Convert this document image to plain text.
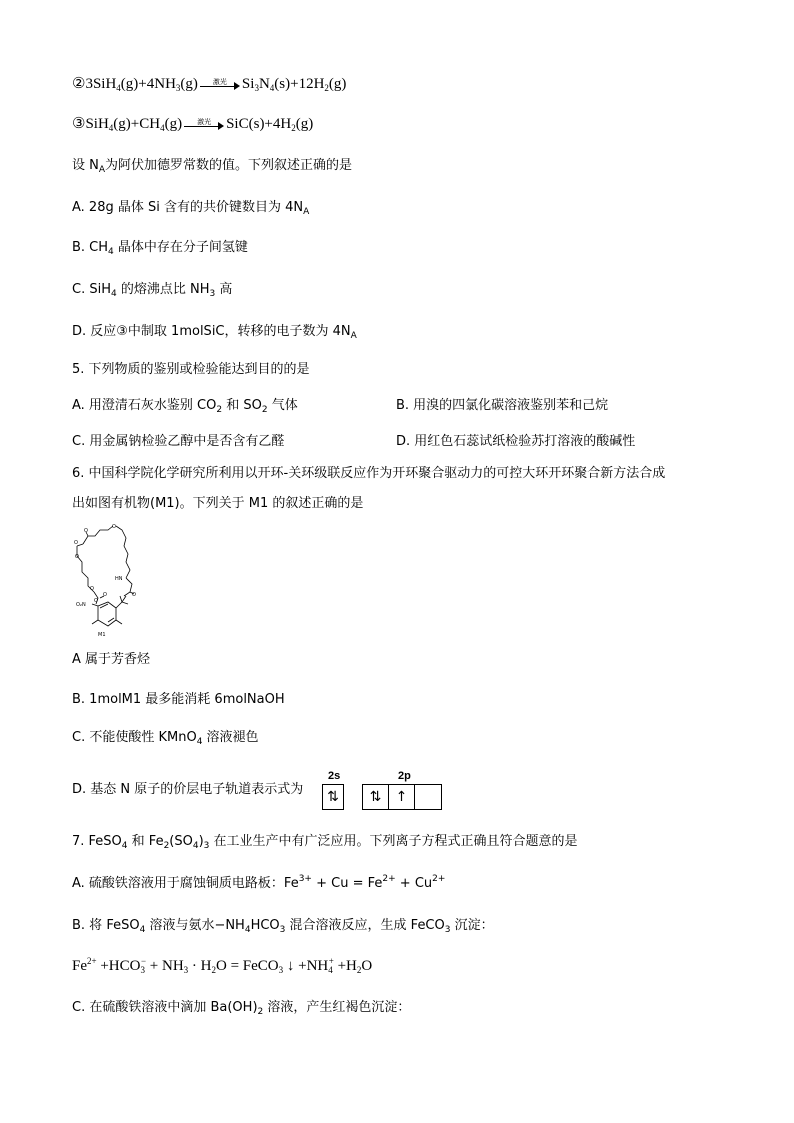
$②3SiH_4(g)+4NH_3(g)$	激光	$Si_3N_4(s)+12H_2(g)$
$③SiH_4(g)+CH_4(g)$	激光	$SiC(s)+4H_2(g)$
设 $N_A$为阿伏加德罗常数的值。下列叙述正确的是
A. 28g 晶体 Si 含有的共价键数目为 $4N_A$
B. $CH_4$ 晶体中存在分子间氢键
C. SiH$_4$ 的熔沸点比 $NH_3$ 高
D. 反应③中制取 1molSiC，转移的电子数为 $4N_A$
5. 下列物质的鉴别或检验能达到目的的是
A. 用澄清石灰水鉴别 $CO_2$ 和 $SO_2$ 气体	B. 用溴的四氯化碳溶液鉴别苯和己烷
C. 用金属钠检验乙醇中是否含有乙醛	D. 用红色石蕊试纸检验苏打溶液的酸碱性
6. 中国科学院化学研究所利用以开环-关环级联反应作为开环聚合驱动力的可控大环开环聚合新方法合成
出如图有机物(M1)。下列关于 M1 的叙述正确的是
O
O
O
O
O
O
O
HN
O
O₂N
M1
A 属于芳香烃
B. 1molM1 最多能消耗 6molNaOH
C. 不能使酸性 KMnO$_4$ 溶液褪色
D. 基态 N 原子的价层电子轨道表示式为
2s	2p
⇅	⇅	↑
7. FeSO$_4$ 和 $Fe_2(SO_4)_3$ 在工业生产中有广泛应用。下列离子方程式正确且符合题意的是
A. 硫酸铁溶液用于腐蚀铜质电路板：$Fe^{3+} + Cu = Fe^{2+} + Cu^{2+}$
B. 将 FeSO$_4$ 溶液与氨水$-NH_4HCO_3$ 混合溶液反应，生成 FeCO$_3$ 沉淀：
$Fe^{2+} +HCO_3^- + NH_3 \cdot H_2O$ = FeCO$_3$ ↓ $+NH_4^+ +H_2O$
C. 在硫酸铁溶液中滴加 $Ba(OH)_2$ 溶液，产生红褐色沉淀：
